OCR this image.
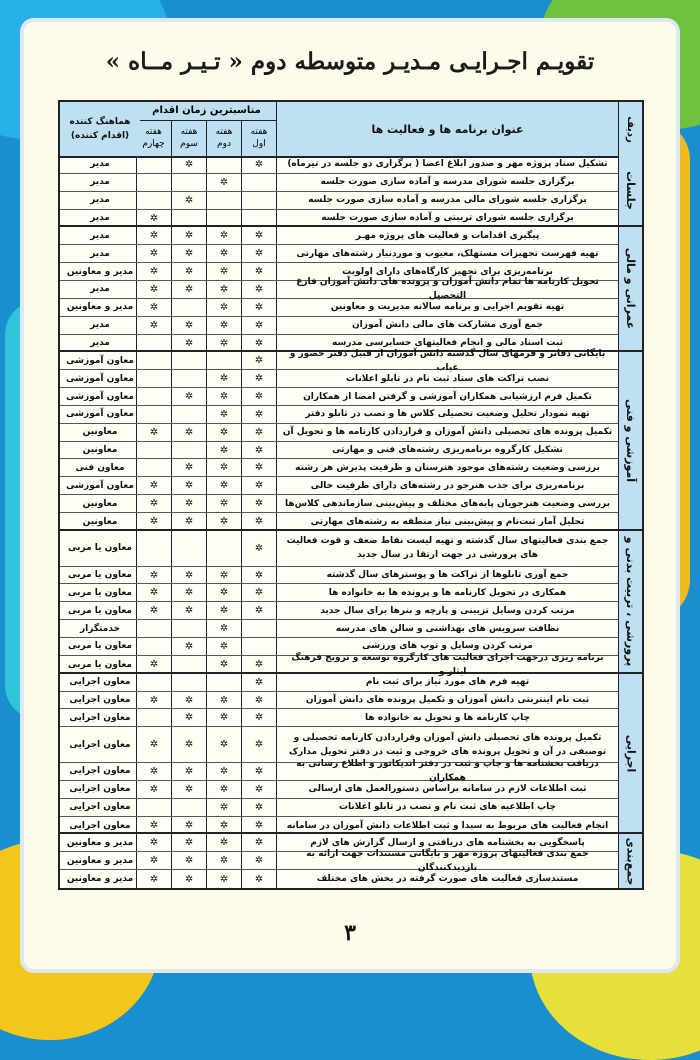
تقویـم اجـرایـی مـدیـر متوسطه دوم « تـیـر مــاه »
ردیف
عنوان برنامه ها و فعالیت ها
مناسبترین زمان اقدام
هفته
اول
هفته
دوم
هفته
سوم
هفته
چهارم
هماهنگ کننده
(اقدام کننده)
جلسات
تشکیل ستاد پروژه مهر و صدور ابلاغ اعضا ( برگزاری دو جلسه در تیرماه)
✲
✲
مدیر
برگزاری جلسه شورای مدرسه و آماده سازی صورت جلسه
✲
مدیر
برگزاری جلسه شورای مالی مدرسه و آماده سازی صورت جلسه
✲
مدیر
برگزاری جلسه شورای تربیتی و آماده سازی صورت جلسه
✲
مدیر
عمرانی و مالی
پیگیری اقدامات و فعالیت های پروژه مهـر
✲
✲
✲
✲
مدیر
تهیه فهرست تجهیزات مستهلک، معیوب و موردنیاز رشته‌های مهارتی
✲
✲
✲
✲
مدیر
برنامه‌ریزی برای تجهیز کارگاه‌های دارای اولویت
✲
✲
✲
✲
مدیر و معاونین
تحویل کارنامه ها تمام دانش آموزان و پرونده های دانش آموزان فارغ التحصیل
✲
✲
✲
✲
مدیر
تهیه تقویم اجرایی و برنامه سالانه مدیریت و معاونین
✲
✲
✲
مدیر و معاونین
جمع آوری مشارکت های مالی دانش آموزان
✲
✲
✲
✲
مدیر
ثبت اسناد مالی و انجام فعالیتهای حسابرسی مدرسه
✲
✲
✲
مدیر
آموزشی و فنی
بایگانی دفاتر و فرمهای سال گذشته دانش آموزان از قبیل دفتر حضور و غیاب
✲
معاون آموزشی
نصب تراکت های ستاد ثبت نام در تابلو اعلانات
✲
✲
معاون آموزشی
تکمیل فرم ارزشیابی همکاران آموزشی و گرفتن امضا از همکاران
✲
✲
✲
معاون آموزشی
تهیه نمودار تحلیل وضعیت تحصیلی کلاس ها و نصب در تابلو دفتر
✲
✲
معاون آموزشی
تکمیل پرونده های تحصیلی دانش آموزان و قراردادن کارنامه ها و تحویل آن
✲
✲
✲
✲
معاونین
تشکیل کارگروه برنامه‌ریزی رشته‌های فنی و مهارتی
✲
✲
معاونین
بررسی وضعیت رشته‌های موجود هنرستان و ظرفیت پذیرش هر رشته
✲
✲
✲
معاون فنی
برنامه‌ریزی برای جذب هنرجو در رشته‌های دارای ظرفیت خالی
✲
✲
✲
✲
معاون آموزشی
بررسی وضعیت هنرجویان پایه‌های مختلف و پیش‌بینی سازماندهی کلاس‌ها
✲
✲
✲
✲
معاونین
تحلیل آمار ثبت‌نام و پیش‌بینی نیاز منطقه به رشته‌های مهارتی
✲
✲
✲
✲
معاونین
پرورشی ، تربیت بدنی و
جمع بندی فعالیتهای سال گذشته و تهیه لیست نقاط ضعف و قوت فعالیت های پرورشی در جهت ارتقا در سال جدید
✲
معاون یا مربی
جمع آوری تابلوها از تراکت ها و پوسترهای سال گذشته
✲
✲
✲
✲
معاون یا مربی
همکاری در تحویل کارنامه ها و پرونده ها به خانواده ها
✲
✲
✲
✲
معاون یا مربی
مرتب کردن وسایل تزیینی و پارچه و بنرها برای سال جدید
✲
✲
✲
✲
معاون یا مربی
نظافت سرویس های بهداشتی و سالن های مدرسه
✲
خدمتگزار
مرتب کردن وسایل و توپ های ورزشی
✲
✲
معاون یا مربی
برنامه ریزی درجهت اجرای فعالیت های کارگروه توسعه و ترویج فرهنگ ایثار و...
✲
✲
✲
معاون یا مربی
اجرایی
تهیه فرم های مورد نیاز برای ثبت نام
✲
معاون اجرایی
ثبت نام اینترنتی دانش آموزان و تکمیل پرونده های دانش آموزان
✲
✲
✲
✲
معاون اجرایی
چاپ کارنامه ها و تحویل به خانواده ها
✲
✲
✲
معاون اجرایی
تکمیل پرونده های تحصیلی دانش آموزان وقراردادن کارنامه تحصیلی و توصیفی در آن و تحویل پرونده های خروجی و ثبت در دفتر تحویل مدارک
✲
✲
✲
✲
معاون اجرایی
دریافت بخشنامه ها و چاپ و ثبت در دفتر اندیکاتور و اطلاع رسانی به همکاران
✲
✲
✲
✲
معاون اجرایی
ثبت اطلاعات لازم در سامانه براساس دستورالعمل های ارسالی
✲
✲
✲
✲
معاون اجرایی
چاپ اطلاعیه های ثبت نام و نصب در تابلو اعلانات
✲
✲
معاون اجرایی
انجام فعالیت های مربوط به سیدا و ثبت اطلاعات دانش آموزان در سامانه
✲
✲
✲
✲
معاون اجرایی
جمع‌بندی
پاسخگویی به بخشنامه های دریافتی و ارسال گزارش های لازم
✲
✲
✲
✲
مدیر و معاونین
جمع بندی فعالیتهای پروژه مهر و بایگانی مستندات جهت ارائه به بازدیدکنندگان
✲
✲
✲
✲
مدیر و معاونین
مستندسازی فعالیت های صورت گرفته در بخش های مختلف
✲
✲
✲
✲
مدیر و معاونین
۳
